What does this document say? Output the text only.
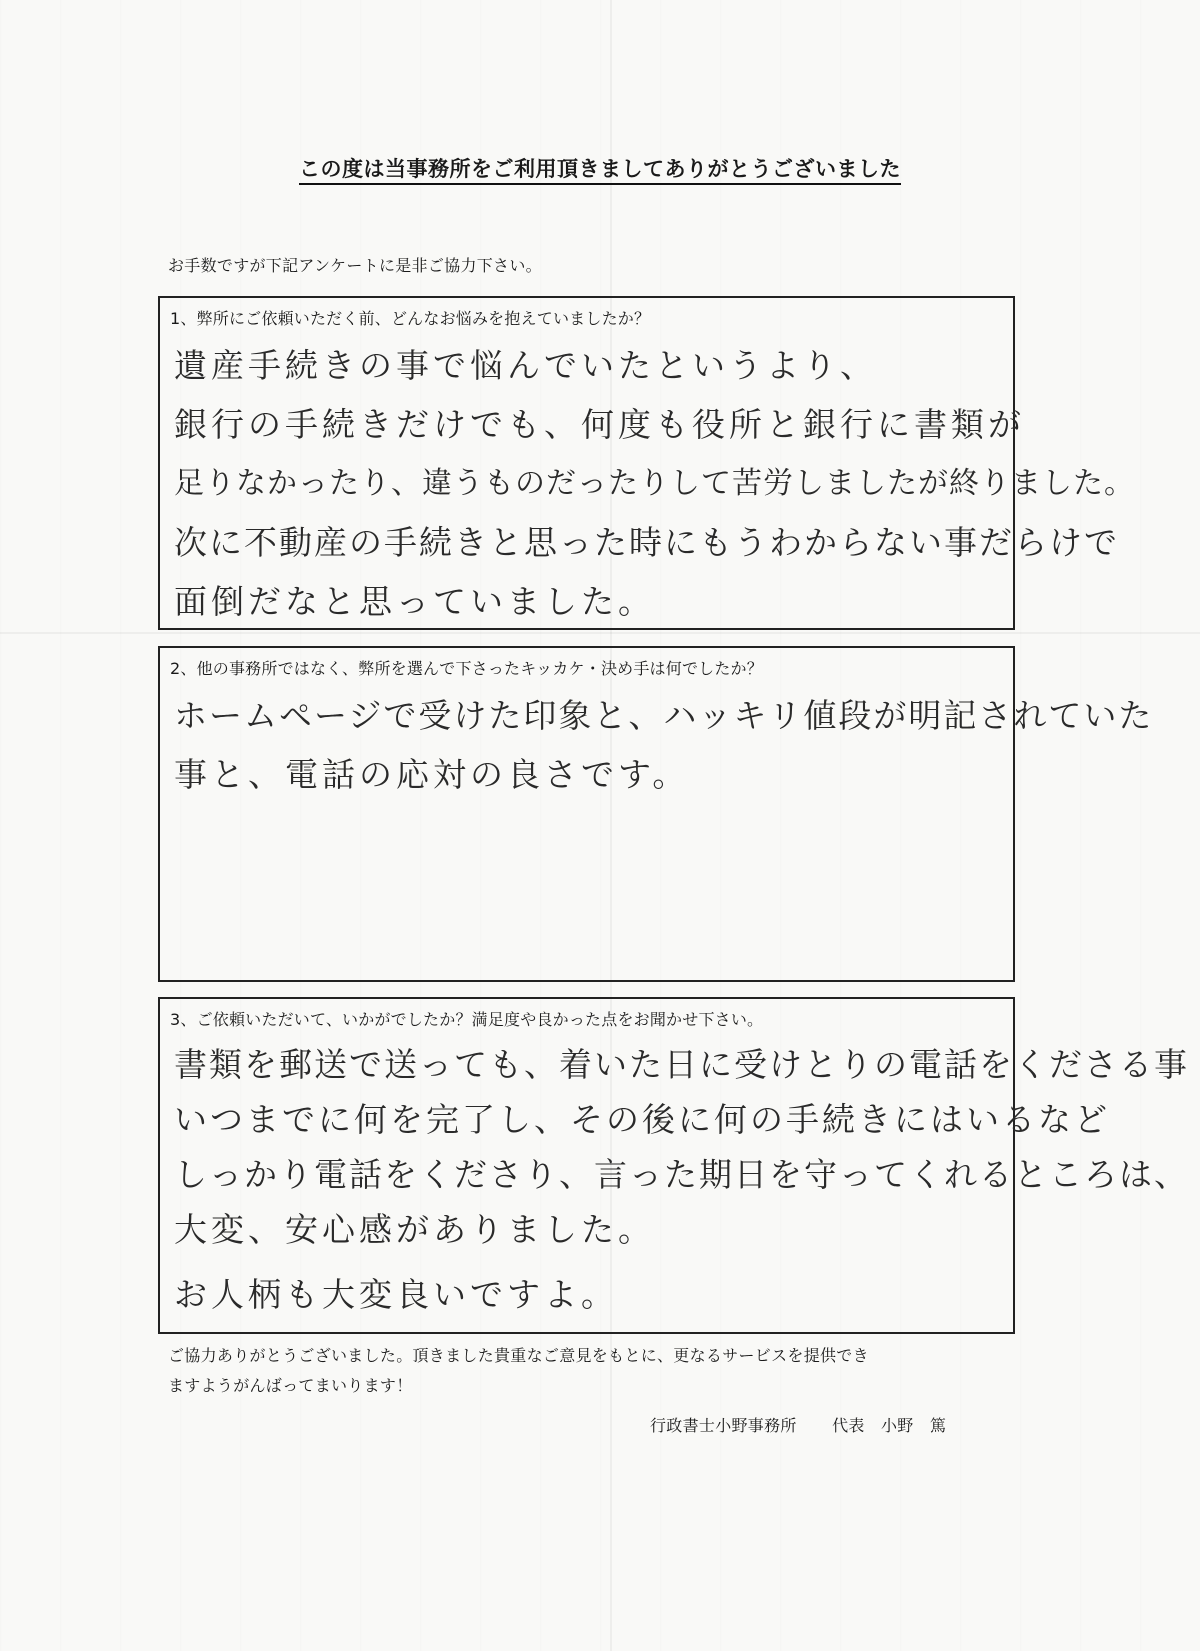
この度は当事務所をご利用頂きましてありがとうございました
お手数ですが下記アンケートに是非ご協力下さい。
1、弊所にご依頼いただく前、どんなお悩みを抱えていましたか？
遺産手続きの事で悩んでいたというより、
銀行の手続きだけでも、何度も役所と銀行に書類が
足りなかったり、違うものだったりして苦労しましたが終りました。
次に不動産の手続きと思った時にもうわからない事だらけで
面倒だなと思っていました。
2、他の事務所ではなく、弊所を選んで下さったキッカケ・決め手は何でしたか？
ホームページで受けた印象と、ハッキリ値段が明記されていた
事と、電話の応対の良さです。
3、ご依頼いただいて、いかがでしたか？満足度や良かった点をお聞かせ下さい。
書類を郵送で送っても、着いた日に受けとりの電話をくださる事
いつまでに何を完了し、その後に何の手続きにはいるなど
しっかり電話をくださり、言った期日を守ってくれるところは、
大変、安心感がありました。
お人柄も大変良いですよ。
ご協力ありがとうございました。頂きました貴重なご意見をもとに、更なるサービスを提供でき
ますようがんばってまいります！
行政書士小野事務所 代表　小野　篤
